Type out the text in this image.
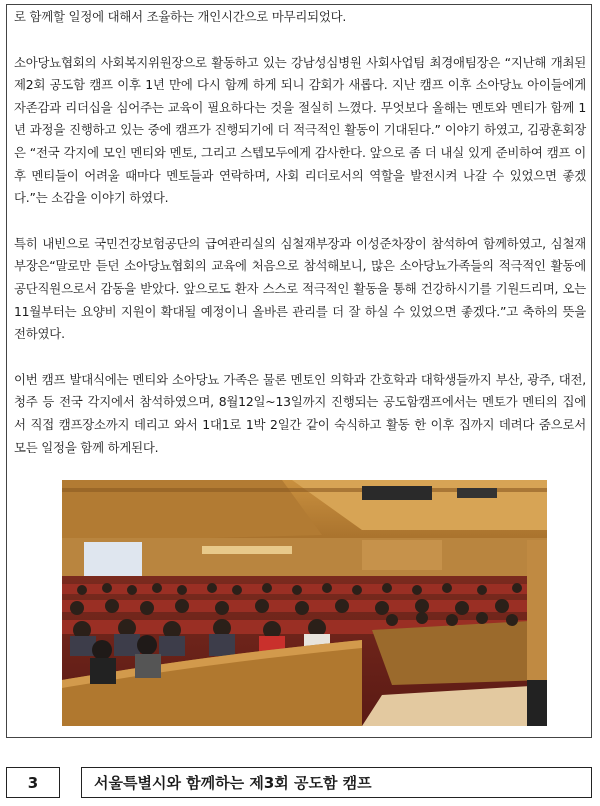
로 함께할 일정에 대해서 조율하는 개인시간으로 마무리되었다.

소아당뇨협회의 사회복지위원장으로 활동하고 있는 강남성심병원 사회사업팀 최경애팀장은 “지난해 개최된 제2회 공도함 캠프 이후 1년 만에 다시 함께 하게 되니 감회가 새롭다. 지난 캠프 이후 소아당뇨 아이들에게 자존감과 리더십을 심어주는 교육이 필요하다는 것을 절실히 느꼈다. 무엇보다 올해는 멘토와 멘티가 함께 1년 과정을 진행하고 있는 중에 캠프가 진행되기에 더 적극적인 활동이 기대된다.” 이야기 하였고, 김광훈회장은 “전국 각지에 모인 멘티와 멘토, 그리고 스텝모두에게 감사한다. 앞으로 좀 더 내실 있게 준비하여 캠프 이후 멘티들이 어려울 때마다 멘토들과 연락하며, 사회 리더로서의 역할을 발전시켜 나갈 수 있었으면 좋겠다.”는 소감을 이야기 하였다.

특히 내빈으로 국민건강보험공단의 급여관리실의 심철재부장과 이성준차장이 참석하여 함께하였고, 심철재부장은“말로만 듣던 소아당뇨협회의 교육에 처음으로 참석해보니, 많은 소아당뇨가족들의 적극적인 활동에 공단직원으로서 감동을 받았다. 앞으로도 환자 스스로 적극적인 활동을 통해 건강하시기를 기원드리며, 오는 11월부터는 요양비 지원이 확대될 예정이니 올바른 관리를 더 잘 하실 수 있었으면 좋겠다.”고 축하의 뜻을 전하였다.

이번 캠프 발대식에는 멘티와 소아당뇨 가족은 물론 멘토인 의학과 간호학과 대학생들까지 부산, 광주, 대전, 청주 등 전국 각지에서 참석하였으며, 8월12일~13일까지 진행되는 공도함캠프에서는 멘토가 멘티의 집에서 직접 캠프장소까지 데리고 와서 1대1로 1박 2일간 같이 숙식하고 활동 한 이후 집까지 데려다 줌으로서 모든 일정을 함께 하게된다.

3	서울특별시와 함께하는 제3회 공도함 캠프
